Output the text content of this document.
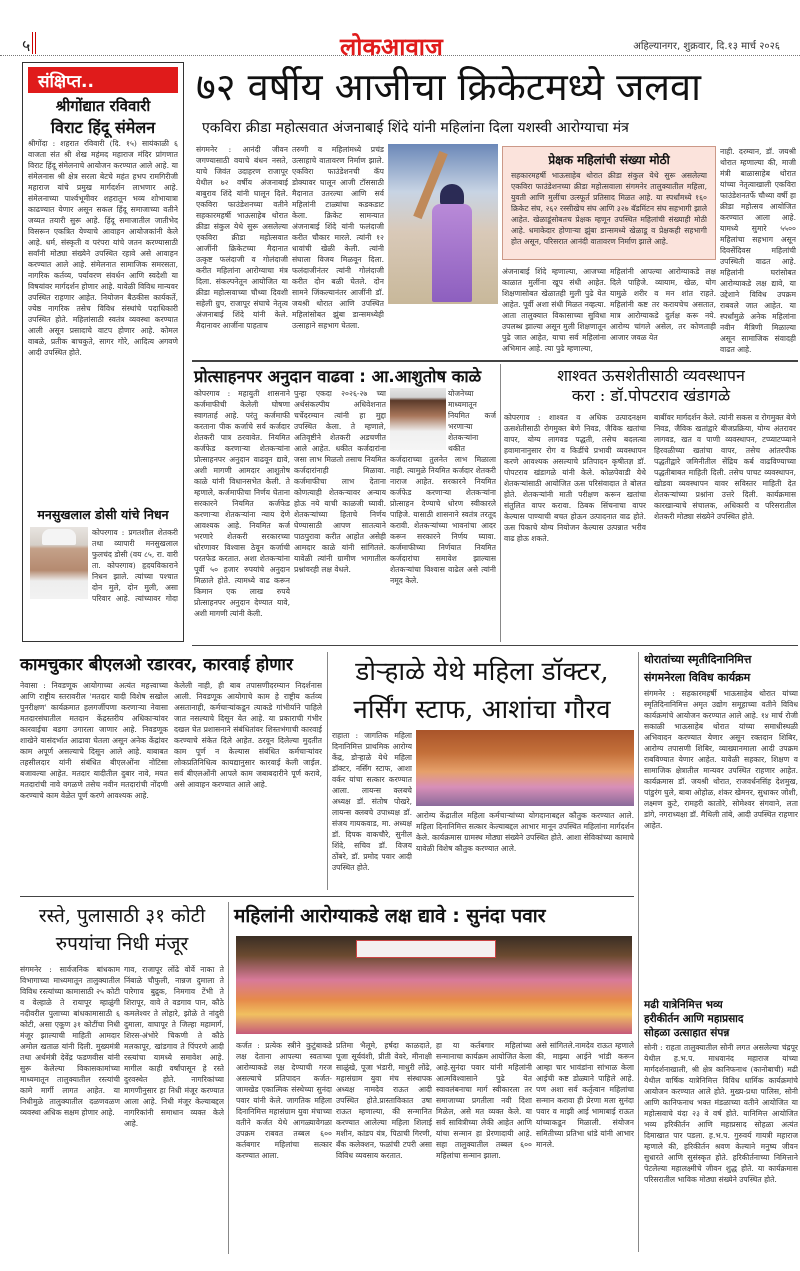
५	लोकआवाज	अहिल्यानगर, शुक्रवार, दि.१३ मार्च २०२६
संक्षिप्त..
श्रीगोंद्यात रविवारी
विराट हिंदू संमेलन
श्रीगोंदा : शहरात रविवारी (दि. १५) सायंकाळी ६ वाजता संत श्री शेख महंमद महाराज मंदिर प्रांगणात विराट हिंदू संमेलनाचे आयोजन करण्यात आले आहे. या संमेलनास श्री क्षेत्र सरला बेटचे महंत हभप रामगिरीजी महाराज यांचे प्रमुख मार्गदर्शन लाभणार आहे. संमेलनाच्या पार्श्वभूमीवर शहरातून भव्य शोभायात्रा काढण्यात येणार असून सकल हिंदू समाजाच्या वतीने जय्यत तयारी सुरू आहे. हिंदू समाजातील जातीभेद विसरून एकत्रित येण्याचे आवाहन आयोजकांनी केले आहे. धर्म, संस्कृती व परंपरा यांचे जतन करण्यासाठी सर्वांनी मोठ्या संख्येने उपस्थित रहावे असे आवाहन करण्यात आले आहे. संमेलनात सामाजिक समरसता, नागरिक कर्तव्य, पर्यावरण संवर्धन आणि स्वदेशी या विषयांवर मार्गदर्शन होणार आहे. यावेळी विविध मान्यवर उपस्थित राहणार आहेत. नियोजन बैठकीस कार्यकर्ते, ज्येष्ठ नागरिक तसेच विविध संस्थांचे पदाधिकारी उपस्थित होते. महिलांसाठी स्वतंत्र व्यवस्था करण्यात आली असून प्रसादाचे वाटप होणार आहे. कोमल वाबळे, प्रतीक बाचकुते, सागर गोरे, आदित्य अगवणे आदी उपस्थित होते.
मनसुखलाल डोसी यांचे निधन
कोपरगाव : प्रगतशील शेतकरी तथा व्यापारी मनसुखलाल फुलचंद डोसी (वय ८५, रा. वारी ता. कोपरगाव) हृदयविकाराने निधन झाले. त्यांच्या पश्चात दोन मुले, दोन मुली, असा परिवार आहे. त्यांच्यावर गोदा
७२ वर्षीय आजीचा क्रिकेटमध्ये जलवा
एकविरा क्रीडा महोत्सवात अंजनाबाई शिंदे यांनी महिलांना दिला यशस्वी आरोग्याचा मंत्र
संगमनेर : आनंदी जीवन जगण्यासाठी वयाचे बंधन नसते, याचे जिवंत उदाहरण राजापूर येथील ७२ वर्षीय अंजनाबाई बाबुराव शिंदे यांनी घालून दिले. एकविरा फाउंडेशनच्या वतीने सहकारमहर्षी भाऊसाहेब थोरात क्रीडा संकुल येथे सुरू असलेल्या एकविरा क्रीडा महोत्सवात आजींनी क्रिकेटच्या मैदानात उत्कृष्ट फलंदाजी व गोलंदाजी करीत महिलांना आरोग्याचा मंत्र दिला. संकल्पनेतून आयोजित या क्रीडा महोत्सवाच्या चौथ्या दिवशी सहेली ग्रुप, राजापूर संघाचे नेतृत्व अंजनाबाई शिंदे यांनी केले. मैदानावर आजींना पाहताच
तरुणी व महिलांमध्ये प्रचंड उत्साहाचे वातावरण निर्माण झाले. एकविरा फाउंडेशनची कॅप डोक्यावर घालून आजी टॉससाठी मैदानात उतरल्या आणि सर्व महिलांनी टाळ्यांचा कडकडाट केला. क्रिकेट सामन्यात अंजनाबाई शिंदे यांनी फलंदाजी करीत चौकार मारले. त्यांनी १२ धावांची खेळी केली. त्यांनी संघाला विजय मिळवून दिला. फलंदाजीनंतर त्यांनी गोलंदाजी करीत दोन बळी घेतले. दोन सामने जिंकल्यानंतर आजींनी डॉ. जयश्री थोरात आणि उपस्थित महिलांसोबत झुंबा डान्समध्येही उत्साहाने सहभाग घेतला.
प्रेक्षक महिलांची संख्या मोठी
सहकारमहर्षी भाऊसाहेब थोरात क्रीडा संकुल येथे सुरू असलेल्या एकविरा फाउंडेशनच्या क्रीडा महोत्सवाला संगमनेर तालुक्यातील महिला, युवती आणि मुलींचा उत्स्फूर्त प्रतिसाद मिळत आहे. या स्पर्धांमध्ये १६० क्रिकेट संघ, २६२ रस्सीखेच संघ आणि ३२७ बॅडमिंटन संघ सहभागी झाले आहेत. खेळाडूंसोबतच प्रेक्षक म्हणून उपस्थित महिलांची संख्याही मोठी आहे. धमाकेदार होणाऱ्या झुंबा डान्समध्ये खेळाडू व प्रेक्षकही सहभागी होत असून, परिसरात आनंदी वातावरण निर्माण झाले आहे.
नाही. दरम्यान, डॉ. जयश्री थोरात म्हणाल्या की, माजी मंत्री बाळासाहेब थोरात यांच्या नेतृत्वाखाली एकविरा फाउंडेशनतर्फे चौथ्या वर्षी हा क्रीडा महोत्सव आयोजित करण्यात आला आहे. यामध्ये सुमारे ५५०० महिलांचा सहभाग असून दिवसेंदिवस महिलांची उपस्थिती वाढत आहे. महिलांनी घरांसोबत आरोग्याकडे लक्ष द्यावे, या उद्देशाने विविध उपक्रम राबवले जात आहेत. या स्पर्धांमुळे अनेक महिलांना नवीन मैत्रिणी मिळाल्या असून सामाजिक संवादही वाढत आहे.
अंजनाबाई शिंदे म्हणाल्या, आजच्या काळात मुलींना खूप संधी आहेत. शिक्षणासोबत खेळातही मुली पुढे येत आहेत. पूर्वी अशा संधी मिळत नव्हत्या. आता तालुक्यात विकासाच्या सुविधा उपलब्ध झाल्या असून मुली शिक्षणातून पुढे जात आहेत, याचा सर्व महिलांना अभिमान आहे. त्या पुढे म्हणाल्या,
महिलांनी आपल्या आरोग्याकडे लक्ष दिले पाहिजे. व्यायाम, खेळ, योग यामुळे शरीर व मन शांत राहते. महिलांनी कष्ट तर करायचेच असतात, मात्र आरोग्याकडे दुर्लक्ष करू नये. आरोग्य चांगले असेल, तर कोणताही आजार जवळ येत
प्रोत्साहनपर अनुदान वाढवा : आ.आशुतोष काळे
कोपरगाव : महायुती शासनाने कर्जमाफीची केलेली घोषणा स्वागतार्ह आहे. परंतु कर्जमाफी करताना पीक कर्जाचे सर्व कर्जदार शेतकरी पात्र ठरवावेत. नियमित कर्जफेड करणाऱ्या शेतकऱ्यांना प्रोत्साहनपर अनुदान वाढवून द्यावे, अशी मागणी आमदार आशुतोष काळे यांनी विधानसभेत केली. ते म्हणाले, कर्जमाफीचा निर्णय घेताना सरकारने नियमित कर्जफेड करणाऱ्या शेतकऱ्यांना न्याय देणे आवश्यक आहे. नियमित कर्ज भरणारे शेतकरी सरकारच्या धोरणावर विश्वास ठेवून कर्जाची परतफेड करतात. अशा शेतकऱ्यांना पूर्वी ५० हजार रुपयांचे अनुदान मिळाले होते. त्यामध्ये वाढ करून किमान एक लाख रुपये प्रोत्साहनपर अनुदान देण्यात यावे, अशी मागणी त्यांनी केली.
पुन्हा एकदा २०२६-२७ च्या अर्थसंकल्पीय अधिवेशनात चर्चेदरम्यान त्यांनी हा मुद्दा उपस्थित केला. ते म्हणाले, अतिवृष्टीने शेतकरी अडचणीत आले आहेत. धकीत कर्जदारांना जसा लाभ मिळतो तसाच नियमित कर्जदारांनाही मिळावा. कर्जमाफीचा लाभ देताना कोणत्याही शेतकऱ्यावर अन्याय होऊ नये याची काळजी घ्यावी. शेतकऱ्यांच्या हिताचे निर्णय घेण्यासाठी आपण सातत्याने पाठपुरावा करीत आहोत असेही आमदार काळे यांनी सांगितले. यावेळी त्यांनी ग्रामीण भागातील प्रश्नांवरही लक्ष वेधले.
योजनेच्या माध्यमातून नियमित कर्ज भरणाऱ्या शेतकऱ्यांना थकीत कर्जदाराच्या तुलनेत लाभ मिळाला नाही. त्यामुळे नियमित कर्जदार शेतकरी नाराज आहेत. सरकारने नियमित कर्जफेड करणाऱ्या शेतकऱ्यांना प्रोत्साहन देण्याचे धोरण स्वीकारले पाहिजे. यासाठी शासनाने स्वतंत्र तरतूद करावी. शेतकऱ्यांच्या भावनांचा आदर करून सरकारने निर्णय घ्यावा. कर्जमाफीच्या निर्णयात नियमित कर्जदारांचा समावेश झाल्यास शेतकऱ्यांचा विश्वास वाढेल असे त्यांनी नमूद केले.
शाश्वत ऊसशेतीसाठी व्यवस्थापन
करा : डॉ.पोपटराव खंडागळे
कोपरगाव : शाश्वत व अधिक उत्पादनक्षम ऊसशेतीसाठी रोगमुक्त बेणे निवड, जैविक खतांचा वापर, योग्य लागवड पद्धती, तसेच बदलत्या हवामानानुसार रोग व किडींचे प्रभावी व्यवस्थापन करणे आवश्यक असल्याचे प्रतिपादन कृषीतज्ञ डॉ. पोपटराव खंडागळे यांनी केले. कोळपेवाडी येथे शेतकऱ्यांसाठी आयोजित ऊस परिसंवादात ते बोलत होते. शेतकऱ्यांनी माती परीक्षण करून खतांचा संतुलित वापर करावा. ठिबक सिंचनाचा वापर केल्यास पाण्याची बचत होऊन उत्पादनात वाढ होते. ऊस पिकाचे योग्य नियोजन केल्यास उत्पन्नात भरीव वाढ होऊ शकते.
बाबींवर मार्गदर्शन केले. त्यांनी सकस व रोगमुक्त बेणे निवड, जैविक खतांद्वारे बीजप्रक्रिया, योग्य अंतरावर लागवड, खत व पाणी व्यवस्थापन, टप्प्याटप्प्याने हिरवळीच्या खतांचा वापर, तसेच आंतरपीक पद्धतीद्वारे जमिनीतील सेंद्रिय कर्ब वाढविण्याच्या पद्धतीबाबत माहिती दिली. तसेच पाचट व्यवस्थापन, खोडवा व्यवस्थापन यावर सविस्तर माहिती देत शेतकऱ्यांच्या प्रश्नांना उत्तरे दिली. कार्यक्रमास कारखान्याचे संचालक, अधिकारी व परिसरातील शेतकरी मोठ्या संख्येने उपस्थित होते.
कामचुकार बीएलओ रडारवर, कारवाई होणार
नेवासा : निवडणूक आयोगाच्या अत्यंत महत्त्वाच्या आणि राष्ट्रीय स्तरावरील 'मतदार यादी विशेष सखोल पुनरीक्षण' कार्यक्रमात हलगर्जीपणा करणाऱ्या नेवासा मतदारसंघातील मतदान केंद्रस्तरीय अधिकाऱ्यांवर कारवाईचा बडगा उगारला जाणार आहे. निवडणूक शाखेने यासंदर्भात आढावा घेतला असून अनेक केंद्रांवर काम अपूर्ण असल्याचे दिसून आले आहे. याबाबत तहसीलदार यांनी संबंधित बीएलओंना नोटिसा बजावल्या आहेत. मतदार यादीतील दुबार नावे, मयत मतदारांची नावे वगळणे तसेच नवीन मतदारांची नोंदणी करण्याचे काम वेळेत पूर्ण करणे आवश्यक आहे.
केलेली नाही, ही बाब तपासणीदरम्यान निदर्शनास आली. निवडणूक आयोगाचे काम हे राष्ट्रीय कर्तव्य असतानाही, कर्मचाऱ्यांकडून त्याकडे गांभीर्याने पाहिले जात नसल्याचे दिसून येत आहे. या प्रकाराची गंभीर दखल घेत प्रशासनाने संबंधितांवर शिस्तभंगाची कारवाई करण्याचे संकेत दिले आहेत. ठरवून दिलेल्या मुदतीत काम पूर्ण न केल्यास संबंधित कर्मचाऱ्यांवर लोकप्रतिनिधित्व कायद्यानुसार कारवाई केली जाईल. सर्व बीएलओंनी आपले काम जबाबदारीने पूर्ण करावे, असे आवाहन करण्यात आले आहे.
डोऱ्हाळे येथे महिला डॉक्टर,
नर्सिंग स्टाफ, आशांचा गौरव
राहाता : जागतिक महिला दिनानिमित्त प्राथमिक आरोग्य केंद्र, डोऱ्हाळे येथे महिला डॉक्टर, नर्सिंग स्टाफ, आशा वर्कर यांचा सत्कार करण्यात आला. लायन्स क्लबचे अध्यक्ष डॉ. संतोष पोखरे, लायन्स क्लबचे उपाध्यक्ष डॉ. संजय गायकवाड, मा. अध्यक्ष डॉ. दिपक वाकचौरे, सुनील शिंदे, सचिव डॉ. विजय ठोंबरे, डॉ. प्रमोद पवार आदी उपस्थित होते.
आरोग्य केंद्रातील महिला कर्मचाऱ्यांच्या योगदानाबद्दल कौतुक करण्यात आले. महिला दिनानिमित्त सत्कार केल्याबद्दल आभार मानून उपस्थित महिलांना मार्गदर्शन केले. कार्यक्रमास ग्रामस्थ मोठ्या संख्येने उपस्थित होते. आशा सेविकांच्या कामाचे यावेळी विशेष कौतुक करण्यात आले.
थोरातांच्या स्मृतीदिनानिमित्त
संगमनेरला विविध कार्यक्रम
संगमनेर : सहकारमहर्षी भाऊसाहेब थोरात यांच्या स्मृतिदिनानिमित्त अमृत उद्योग समूहाच्या वतीने विविध कार्यक्रमांचे आयोजन करण्यात आले आहे. १४ मार्च रोजी सकाळी भाऊसाहेब थोरात यांच्या समाधीस्थळी अभिवादन करण्यात येणार असून रक्तदान शिबिर, आरोग्य तपासणी शिबिर, व्याख्यानमाला आदी उपक्रम राबविण्यात येणार आहेत. यावेळी सहकार, शिक्षण व सामाजिक क्षेत्रातील मान्यवर उपस्थित राहणार आहेत. कार्यक्रमास डॉ. जयश्री थोरात, राजवर्धनसिंह देशमुख, पांडुरंग घुले, बाबा ओहोळ, शंकर खेमनर, सुधाकर जोशी, लक्ष्मण कुटे, रामहरी कातोरे, सोमेश्वर संगवाने, लता डांगे, नगराध्यक्षा डॉ. मैथिली तांबे, आदी उपस्थित राहणार आहेत.
मढी यात्रेनिमित्त भव्य
हरीकीर्तन आणि महाप्रसाद
सोहळा उत्साहात संपन्न
सोनी : राहता तालुक्यातील सोनी लगत असलेल्या चंद्रपूर येथील ह.भ.प. माधवानंद महाराज यांच्या मार्गदर्शनाखाली, श्री क्षेत्र कानिफनाथ (कानोबाची) मढी येथील वार्षिक यात्रेनिमित्त विविध धार्मिक कार्यक्रमांचे आयोजन करण्यात आले होते. मुख्य-प्रथा पालिस, सोनी आणि कानिफनाथ भक्त मंडळाच्या वतीने आयोजित या महोत्सवाचे यंदा २३ वे वर्ष होते. यानिमित्त आयोजित भव्य हरिकीर्तन आणि महाप्रसाद सोहळा अत्यंत दिमाखात पार पडला. ह.भ.प. गुरुवर्य गायत्री महाराज म्हणाले की, हरिकीर्तन श्रवण केल्याने मनुष्य जीवन सुधारते आणि सुसंस्कृत होते. हरिकीर्तनाच्या निमित्ताने पेटलेल्या महालक्ष्मीचे जीवन शुद्ध होते. या कार्यक्रमास परिसरातील भाविक मोठ्या संख्येने उपस्थित होते.
रस्ते, पुलासाठी ३१ कोटी
रुपयांचा निधी मंजूर
संगमनेर : सार्वजनिक बांधकाम विभागाच्या माध्यमातून तालुक्यातील विविध रस्त्यांच्या कामासाठी २५ कोटी व वेल्हाळे ते रायापूर म्हाळुंगी नदीवरील पुलाच्या बांधकामासाठी ६ कोटी, असा एकूण ३१ कोटींचा निधी मंजूर झाल्याची माहिती आमदार अमोल खताळ यांनी दिली. मुख्यमंत्री तथा अर्थमंत्री देवेंद्र फडणवीस यांनी सुरू केलेल्या विकासकामांच्या माध्यमातून तालुक्यातील रस्त्यांची कामे मार्गी लागत आहेत. या निधीमुळे तालुक्यातील दळणवळण व्यवस्था अधिक सक्षम होणार आहे.
गाव, राजापूर लोंढे वोर्वे नाका ते निंबाळे चौफुली, नान्नज दुमाला ते पारेगाव बुद्रुक, निमगाव टेंभी ते शिरापूर, वावे ते वडगाव पान, कौठे कमलेश्वर ते लोहारे, झोळे ते नांदुरी दुमाला, वाघापूर ते जिल्हा महामार्ग, शिरस-अंभोरे चिकणी ते कौठे मलकापूर, खांडगाव ते पिंपरणे आदी रस्त्यांचा यामध्ये समावेश आहे. मागील काही वर्षांपासून हे रस्ते दुरवस्थेत होते. नागरिकांच्या मागणीनुसार हा निधी मंजूर करण्यात आला आहे. निधी मंजूर केल्याबद्दल नागरिकांनी समाधान व्यक्त केले आहे.
महिलांनी आरोग्याकडे लक्ष द्यावे : सुनंदा पवार
कर्जत : प्रत्येक स्त्रीने कुटुंबाकडे लक्ष देताना आपल्या स्वतःच्या आरोग्याकडे लक्ष देण्याची गरज असल्याचे प्रतिपादन कर्जत-जामखेड एकात्मिक संस्थेच्या सुनंदा पवार यांनी केले. जागतिक महिला दिनानिमित्त महासंग्राम युवा मंचाच्या वतीने कर्जत येथे आगळ्यावेगळा उपक्रम राबवत तब्बल ६०० कर्तबगार महिलांचा सत्कार करण्यात आला.
प्रतिमा भैलूमे, हर्षदा काळदाते, पूजा सूर्यवंशी, प्रीती वेवरे, मीनाक्षी साळुंखे, पूजा भंडारी, माधुरी लोंढे, महासंग्राम युवा मंच संस्थापक अध्यक्ष नामदेव राऊत आदी उपस्थित होते.प्रास्ताविकात उषा राऊत म्हणाल्या, की सन्मानित करण्यात आलेल्या महिला शिलाई मशीन, कांडप यंत्र, पिठाची गिरणी, बँक कलेक्शन, फळांची टपरी असा विविध व्यवसाय करतात.
हा या कर्तबगार महिलांच्या सन्मानाचा कार्यक्रम आयोजित केला आहे.सुनंदा पवार यांनी महिलांनी आत्मविश्वासाने पुढे येत स्वावलंबनाचा मार्ग स्वीकारला तर समाजाच्या प्रगतीला नवी दिशा मिळेल, असे मत व्यक्त केले. या सर्व सावित्रीच्या लेकी आहेत आणि यांचा सन्मान हा प्रेरणादायी आहे. सहा तालुक्यातील तब्बल ६०० महिलांचा सन्मान झाला.
असे सांगितले.नामदेव राऊत म्हणाले की, माझ्या आईने भांडी करून आम्हा चार भावंडांना सांभाळ केला आईची कष्ट डोळ्याने पाहिले आहे. पण अशा सर्व कर्तृत्वान महिलांचा सन्मान करावा ही प्रेरणा मला सुनंदा पवार व माझी आई भामाबाई राऊत यांच्याकडून मिळाली. संयोजन समितीच्या प्रतिभा धांडे यांनी आभार मानले.
